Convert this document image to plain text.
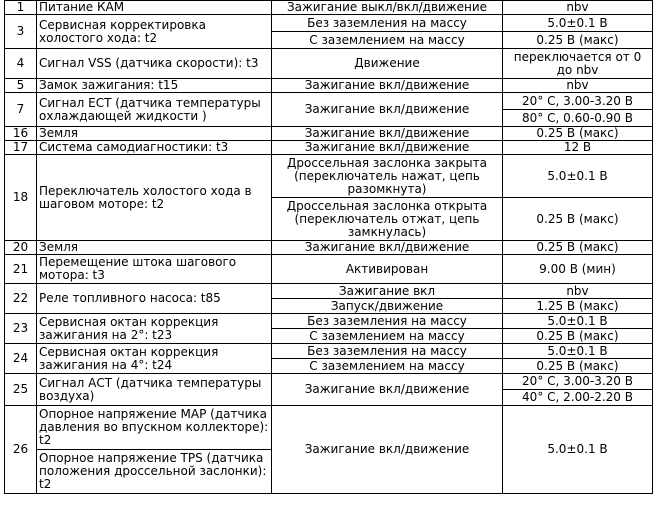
1	Питание КАМ	Зажигание выкл/вкл/движение	nbv
3	Сервисная корректировка холостого хода: t2	Без заземления на массу	5.0±0.1 В
		С заземлением на массу	0.25 В (макс)
4	Сигнал VSS (датчика скорости): t3	Движение	переключается от 0 до nbv
5	Замок зажигания: t15	Зажигание вкл/движение	nbv
7	Сигнал ЕСТ (датчика температуры охлаждающей жидкости )	Зажигание вкл/движение	20° С, 3.00-3.20 В
			80° С, 0.60-0.90 В
16	Земля	Зажигание вкл/движение	0.25 В (макс)
17	Система самодиагностики: t3	Зажигание вкл/движение	12 В
18	Переключатель холостого хода в шаговом моторе: t2	Дроссельная заслонка закрыта (переключатель нажат, цепь разомкнута)	5.0±0.1 В
		Дроссельная заслонка открыта (переключатель отжат, цепь замкнулась)	0.25 В (макс)
20	Земля	Зажигание вкл/движение	0.25 В (макс)
21	Перемещение штока шагового мотора: t3	Активирован	9.00 В (мин)
22	Реле топливного насоса: t85	Зажигание вкл	nbv
		Запуск/движение	1.25 В (макс)
23	Сервисная октан коррекция зажигания на 2°: t23	Без заземления на массу	5.0±0.1 В
		С заземлением на массу	0.25 В (макс)
24	Сервисная октан коррекция зажигания на 4°: t24	Без заземления на массу	5.0±0.1 В
		С заземлением на массу	0.25 В (макс)
25	Сигнал АСТ (датчика температуры воздуха)	Зажигание вкл/движение	20° С, 3.00-3.20 В
			40° С, 2.00-2.20 В
26	Опорное напряжение МАР (датчика давления во впускном коллекторе): t2	Зажигание вкл/движение	5.0±0.1 В
	Опорное напряжение TPS (датчика положения дроссельной заслонки): t2		
